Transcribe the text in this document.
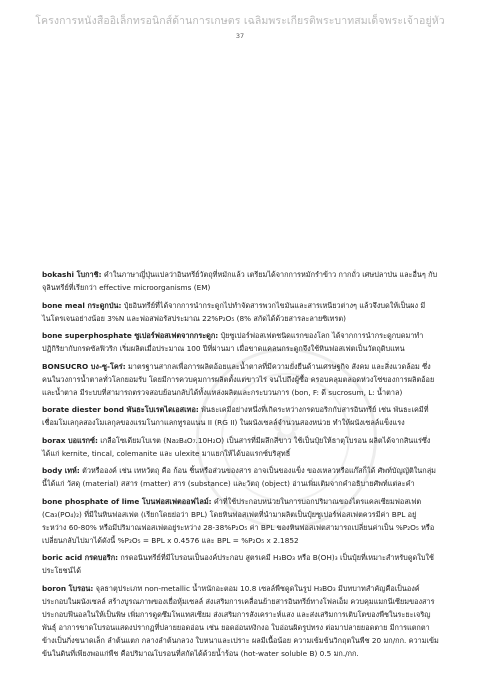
โครงการหนังสืออิเล็กทรอนิกส์ด้านการเกษตร เฉลิมพระเกียรติพระบาทสมเด็จพระเจ้าอยู่หัว
37
✿

bokashi โบกาชิ: คำในภาษาญี่ปุ่นแปลว่าอินทรีย์วัตถุที่หมักแล้ว เตรียมได้จากการหมักรำข้าว กากถั่ว เศษปลาป่น และอื่นๆ กับจุลินทรีย์ที่เรียกว่า effective microorganisms (EM)

bone meal กระดูกป่น: ปุ๋ยอินทรีย์ที่ได้จากการนำกระดูกไปทำจัดสารพวกไขมันและสารเหนียวต่างๆ แล้วจึงบดให้เป็นผง มีไนโตรเจนอย่างน้อย 3%N และฟอสฟอรัสประมาณ 22%P₂O₅ (8% สกัดได้ด้วยสารละลายซิเทรต)

bone superphosphate ซูเปอร์ฟอสเฟตจากกระดูก: ปุ๋ยซูเปอร์ฟอสเฟตชนิดแรกของโลก ได้จากการนำกระดูกบดมาทำปฏิกิริยากับกรดซัลฟิวริก เริ่มผลิตเมื่อประมาณ 100 ปีที่ผ่านมา เมื่อขาดแคลนกระดูกจึงใช้หินฟอสเฟตเป็นวัตถุดิบแทน

BONSUCRO บง-ซู-โคร่: มาตรฐานสากลเพื่อการผลิตอ้อยและน้ำตาลที่มีความยั่งยืนด้านเศรษฐกิจ สังคม และสิ่งแวดล้อม ซึ่งคนในวงการน้ำตาลทั่วโลกยอมรับ โดยมีการควบคุมการผลิตตั้งแต่ขาวไร่ จนไปถึงผู้ซื้อ ครอบคลุมตลอดห่วงโซ่ของการผลิตอ้อยและน้ำตาล มีระบบที่สามารถตรวจสอบย้อนกลับได้ทั้งแหล่งผลิตและกระบวนการ (bon, F: ดี sucrosum, L: น้ำตาล)

borate diester bond พันธะโบเรตไดเอสเทอ: พันธะเคมีอย่างหนึ่งที่เกิดระหว่างกรดบอริกกับสารอินทรีย์ เช่น พันธะเคมีที่เชื่อมโมเลกุลสองโมเลกุลของแรมโนกาแลกทูรอแนน II (RG II) ในผนังเซลล์จำนวนสองหน่วย ทำให้ผนังเซลล์แข็งแรง

borax บอแรกซ์: เกลือโซเดียมโบเรต (Na₂B₄O₇.10H₂O) เป็นสารที่มีผลึกสีขาว ใช้เป็นปุ๋ยให้ธาตุโบรอน ผลิตได้จากสินแร่ซึ่งได้แก่ kernite, tincal, colemanite และ ulexite มาแยกให้ได้บอแรกซ์บริสุทธิ์

body เทห์: ตัวหรือองค์ เช่น เทหวัตถุ คือ ก้อน ชิ้นหรือส่วนของสาร อาจเป็นของแข็ง ของเหลวหรือแก๊สก็ได้ ศัพท์บัญญัติในกลุ่มนี้ได้แก่ วัสดุ (material) สสาร (matter) สาร (substance) และวัตถุ (object) อ่านเพิ่มเติมจากคำอธิบายศัพท์แต่ละคำ

bone phosphate of lime โบนฟอสเฟตออฟไลม์: คำที่ใช้ประกอบหน่วยในการบอกปริมาณของไตรแคลเซียมฟอสเฟต (Ca₃(PO₄)₂) ที่มีในหินฟอสเฟต (เรียกโดยย่อว่า BPL) โดยหินฟอสเฟตที่นำมาผลิตเป็นปุ๋ยซูเปอร์ฟอสเฟตควรมีค่า BPL อยู่ระหว่าง 60-80% หรือมีปริมาณฟอสเฟตอยู่ระหว่าง 28-38%P₂O₅ ค่า BPL ของหินฟอสเฟตสามารถเปลี่ยนค่าเป็น %P₂O₅ หรือเปลี่ยนกลับไปมาได้ดังนี้ %P₂O₅ = BPL x 0.4576 และ BPL = %P₂O₅ x 2.1852

boric acid กรดบอริก: กรดอนินทรีย์ที่มีโบรอนเป็นองค์ประกอบ สูตรเคมี H₃BO₃ หรือ B(OH)₃ เป็นปุ๋ยที่เหมาะสำหรับดูดใบใช้ประโยชน์ได้

boron โบรอน: จุลธาตุประเภท non-metallic น้ำหนักอะตอม 10.8 เซลล์พืชดูดในรูป H₃BO₃ มีบทบาทสำคัญคือเป็นองค์ประกอบในผนังเซลล์ สร้างบูรณภาพของเยื่อหุ้มเซลล์ ส่งเสริมการเคลื่อนย้ายสารอินทรีย์ทางโฟลเอ็ม ควบคุมแมกนีเซียมของสารประกอบฟีนอลในให้เป็นพิษ เพิ่มการดูดซึมโพแทสเซียม ส่งเสริมการสังเคราะห์แสง และส่งเสริมการเติบโตของพืชในระยะเจริญพันธุ์ อาการขาดโบรอนแสดงปรากฏที่ปลายยอดอ่อน เช่น ยอดอ่อนหงิกงอ ใบอ่อนผิดรูปทรง ต่อมาปลายยอดตาย มีการแตกตาข้างเป็นกิ่งขนาดเล็ก ลำต้นแตก กลางลำต้นกลวง ใบหนาและเปราะ ผลมีเนื้อน้อย ความเข้มข้นวิกฤตในพืช 20 มก/กก. ความเข้มข้นในดินที่เพียงพอแก่พืช คือปริมาณโบรอนที่สกัดได้ด้วยน้ำร้อน (hot-water soluble B) 0.5 มก./กก.
